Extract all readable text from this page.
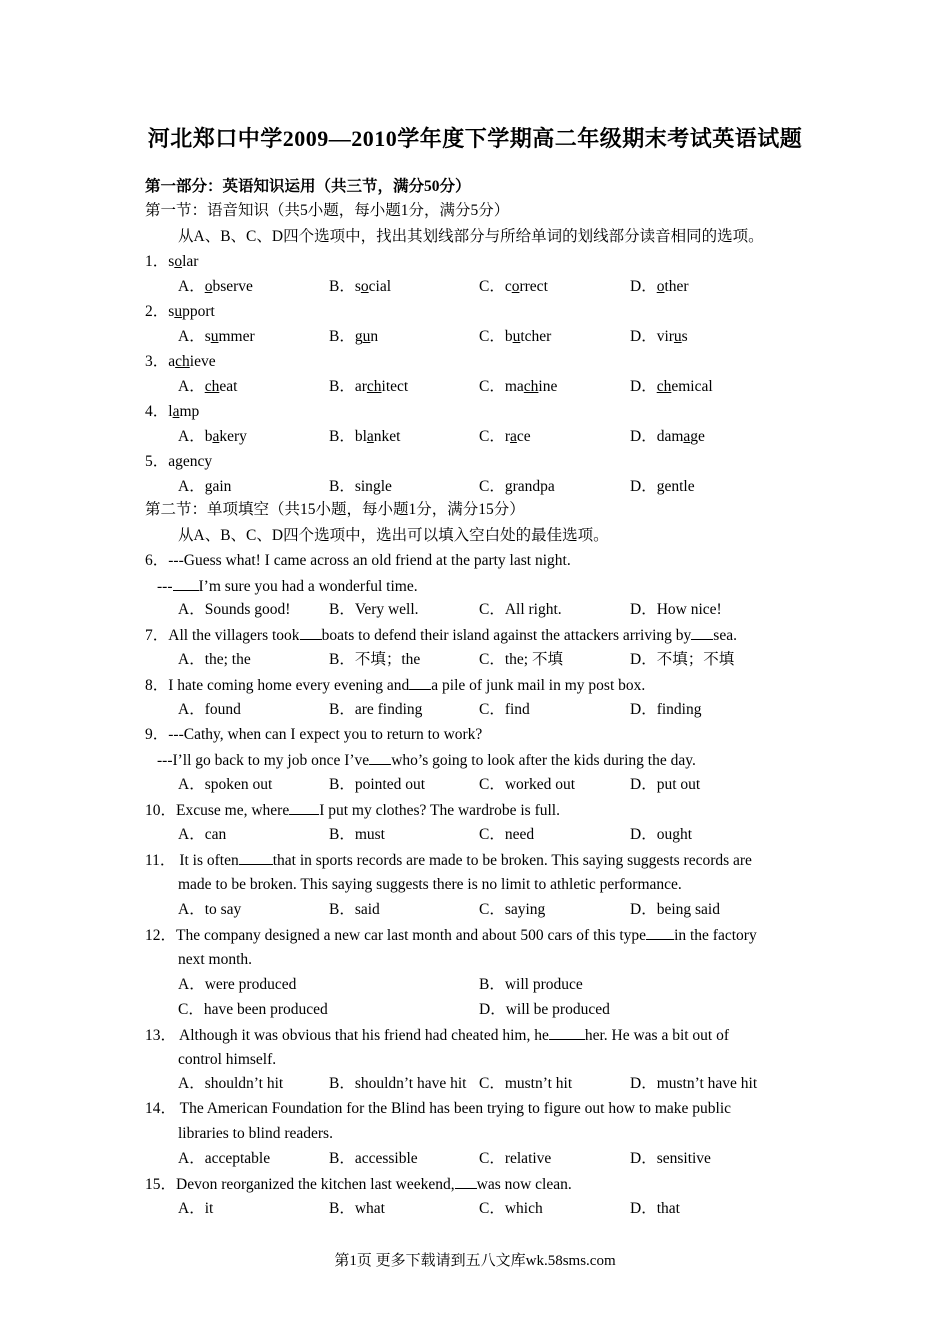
河北郑口中学2009—2010学年度下学期高二年级期末考试英语试题
第一部分：英语知识运用（共三节，满分50分）
第一节：语音知识（共5小题，每小题1分，满分5分）
从A、B、C、D四个选项中，找出其划线部分与所给单词的划线部分读音相同的选项。
1．solar
A．observe	B．social	C．correct	D．other
2．support
A．summer	B．gun	C．butcher	D．virus
3．achieve
A．cheat	B．architect	C．machine	D．chemical
4．lamp
A．bakery	B．blanket	C．race	D．damage
5．agency
A．gain	B．single	C．grandpa	D．gentle
第二节：单项填空（共15小题，每小题1分，满分15分）
从A、B、C、D四个选项中，选出可以填入空白处的最佳选项。
6．---Guess what! I came across an old friend at the party last night.
--- I’m sure you had a wonderful time.
A．Sounds good! B．Very well.	C．All right.	D．How nice!
7．All the villagers took boats to defend their island against the attackers arriving by sea.
A．the; the	B．不填；the	C．the; 不填	D．不填；不填
8．I hate coming home every evening and a pile of junk mail in my post box.
A．found	B．are finding	C．find	D．finding
9．---Cathy, when can I expect you to return to work?
---I’ll go back to my job once I’ve who’s going to look after the kids during the day.
A．spoken out	B．pointed out	C．worked out	D．put out
10．Excuse me, where I put my clothes? The wardrobe is full.
A．can	B．must	C．need	D．ought
11． It is often that in sports records are made to be broken. This saying suggests records are
made to be broken. This saying suggests there is no limit to athletic performance.
A．to say	B．said	C．saying	D．being said
12．The company designed a new car last month and about 500 cars of this type in the factory
next month.
A．were produced	B．will produce
C．have been produced	D．will be produced
13． Although it was obvious that his friend had cheated him, he her. He was a bit out of
control himself.
A．shouldn’t hit	B．shouldn’t have hit C．mustn’t hit	D．mustn’t have hit
14． The American Foundation for the Blind has been trying to figure out how to make public
libraries to blind readers.
A．acceptable	B．accessible	C．relative	D．sensitive
15．Devon reorganized the kitchen last weekend, was now clean.
A．it	B．what	C．which	D．that
第1页 更多下载请到五八文库wk.58sms.com
